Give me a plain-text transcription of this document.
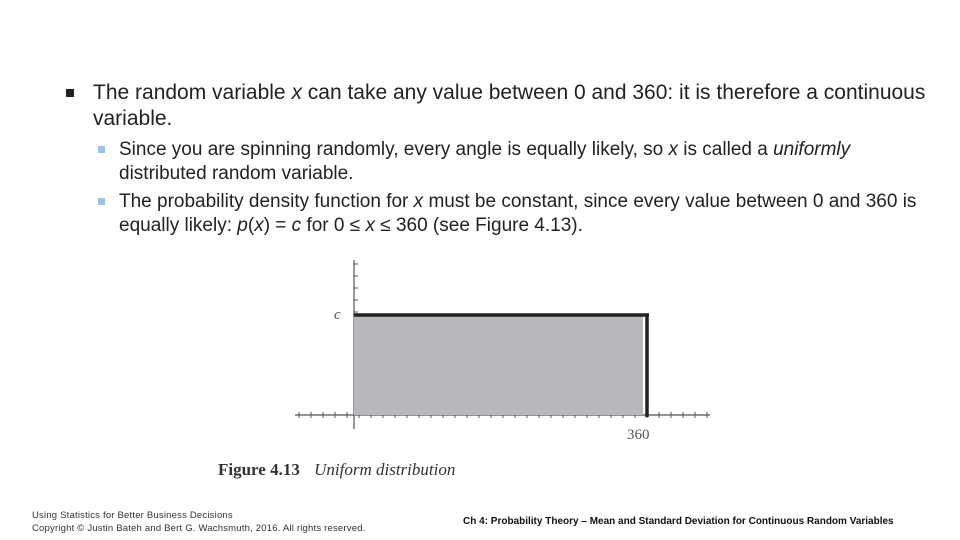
The random variable x can take any value between 0 and 360: it is therefore a continuous variable.

Since you are spinning randomly, every angle is equally likely, so x is called a uniformly distributed random variable.

The probability density function for x must be constant, since every value between 0 and 360 is equally likely: p(x) = c for 0 ≤ x ≤ 360 (see Figure 4.13).

c
360
Figure 4.13 Uniform distribution
Using Statistics for Better Business Decisions
Copyright © Justin Bateh and Bert G. Wachsmuth, 2016. All rights reserved.
Ch 4: Probability Theory – Mean and Standard Deviation for Continuous Random Variables
